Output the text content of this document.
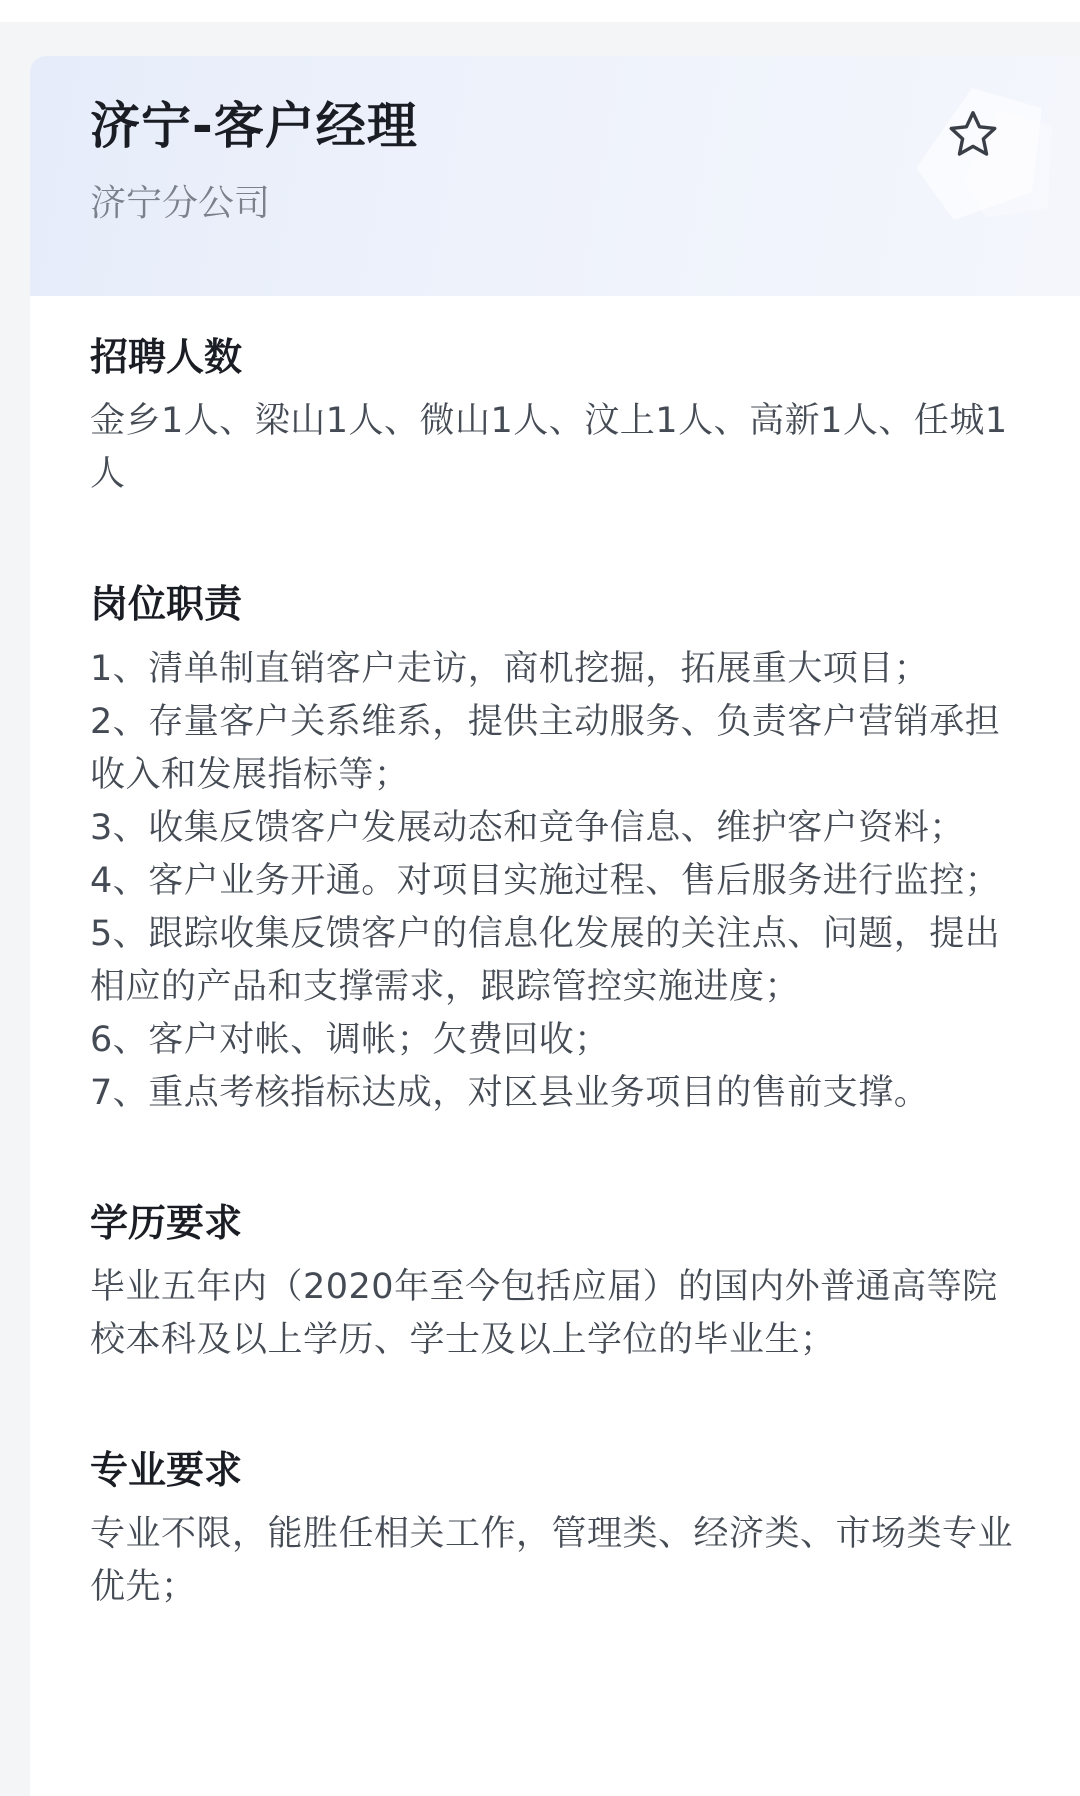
济宁-客户经理
济宁分公司
招聘人数

金乡1人、梁山1人、微山1人、汶上1人、高新1人、任城1人

岗位职责

1、清单制直销客户走访，商机挖掘，拓展重大项目；
2、存量客户关系维系，提供主动服务、负责客户营销承担收入和发展指标等；
3、收集反馈客户发展动态和竞争信息、维护客户资料；
4、客户业务开通。对项目实施过程、售后服务进行监控；
5、跟踪收集反馈客户的信息化发展的关注点、问题，提出相应的产品和支撑需求，跟踪管控实施进度；
6、客户对帐、调帐；欠费回收；
7、重点考核指标达成，对区县业务项目的售前支撑。

学历要求

毕业五年内（2020年至今包括应届）的国内外普通高等院校本科及以上学历、学士及以上学位的毕业生；

专业要求

专业不限，能胜任相关工作，管理类、经济类、市场类专业优先；
